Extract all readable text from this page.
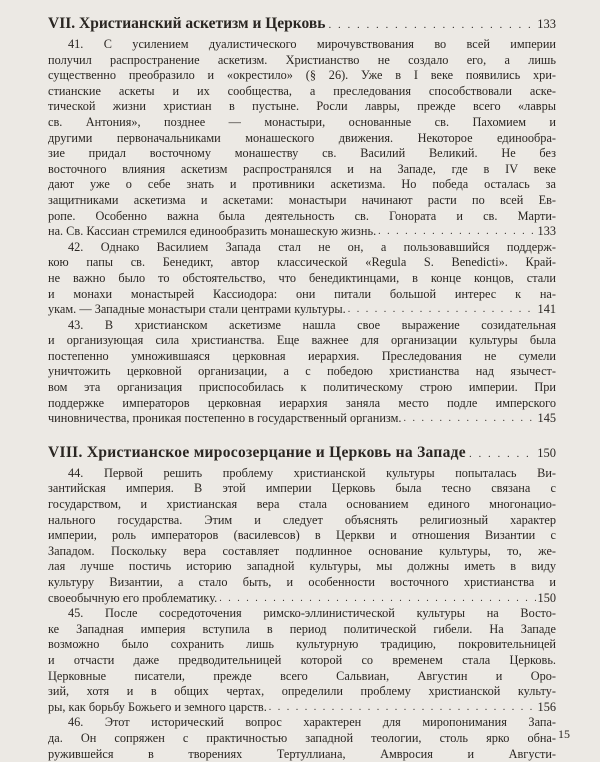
VII. Христианский аскетизм и Церковь . . .	133
41. С усилением дуалистического мирочувствования во всей империи
получил распространение аскетизм. Христианство не создало его, а лишь
существенно преобразило и «окрестило» (§ 26). Уже в I веке появились хри-
стианские аскеты и их сообщества, а преследования способствовали аске-
тической жизни христиан в пустыне. Росли лавры, прежде всего «лавры
св. Антония», позднее — монастыри, основанные св. Пахомием и
другими первоначальниками монашеского движения. Некоторое единообра-
зие придал восточному монашеству св. Василий Великий. Не без
восточного влияния аскетизм распространялся и на Западе, где в IV веке
дают уже о себе знать и противники аскетизма. Но победа осталась за
защитниками аскетизма и аскетами: монастыри начинают расти по всей Ев-
ропе. Особенно важна была деятельность св. Гонората и св. Марти-
на. Св. Кассиан стремился единообразить монашескую жизнь. . . .	133
42. Однако Василием Запада стал не он, а пользовавшийся поддерж-
кою папы св. Бенедикт, автор классической «Regula S. Benedicti». Край-
не важно было то обстоятельство, что бенедиктинцами, в конце концов, стали
и монахи монастырей Кассиодора: они питали большой интерес к на-
укам. — Западные монастыри стали центрами культуры. . . .	141
43. В христианском аскетизме нашла свое выражение созидательная
и организующая сила христианства. Еще важнее для организации культуры была
постепенно умножившаяся церковная иерархия. Преследования не сумели
уничтожить церковной организации, а с победою христианства над язычест-
вом эта организация приспособилась к политическому строю империи. При
поддержке императоров церковная иерархия заняла место подле имперского
чиновничества, проникая постепенно в государственный организм. . . .	145
VIII. Христианское миросозерцание и Церковь на Западе . . .	150
44. Первой решить проблему христианской культуры попыталась Ви-
зантийская империя. В этой империи Церковь была тесно связана с
государством, и христианская вера стала основанием единого многонацио-
нального государства. Этим и следует объяснять религиозный характер
империи, роль императоров (василевсов) в Церкви и отношения Византии с
Западом. Поскольку вера составляет подлинное основание культуры, то, же-
лая лучше постичь историю западной культуры, мы должны иметь в виду
культуру Византии, а стало быть, и особенности восточного христианства и
своеобычную его проблематику. . . .	150
45. После сосредоточения римско-эллинистической культуры на Восто-
ке Западная империя вступила в период политической гибели. На Западе
возможно было сохранить лишь культурную традицию, покровительницей
и отчасти даже предводительницей которой со временем стала Церковь.
Церковные писатели, прежде всего Сальвиан, Августин и Оро-
зий, хотя и в общих чертах, определили проблему христианской культу-
ры, как борьбу Божьего и земного царств. . . .	156
46. Этот исторический вопрос характерен для миропонимания Запа-
да. Он сопряжен с практичностью западной теологии, столь ярко обна-
ружившейся в творениях Тертуллиана, Амвросия и Августи-
15
